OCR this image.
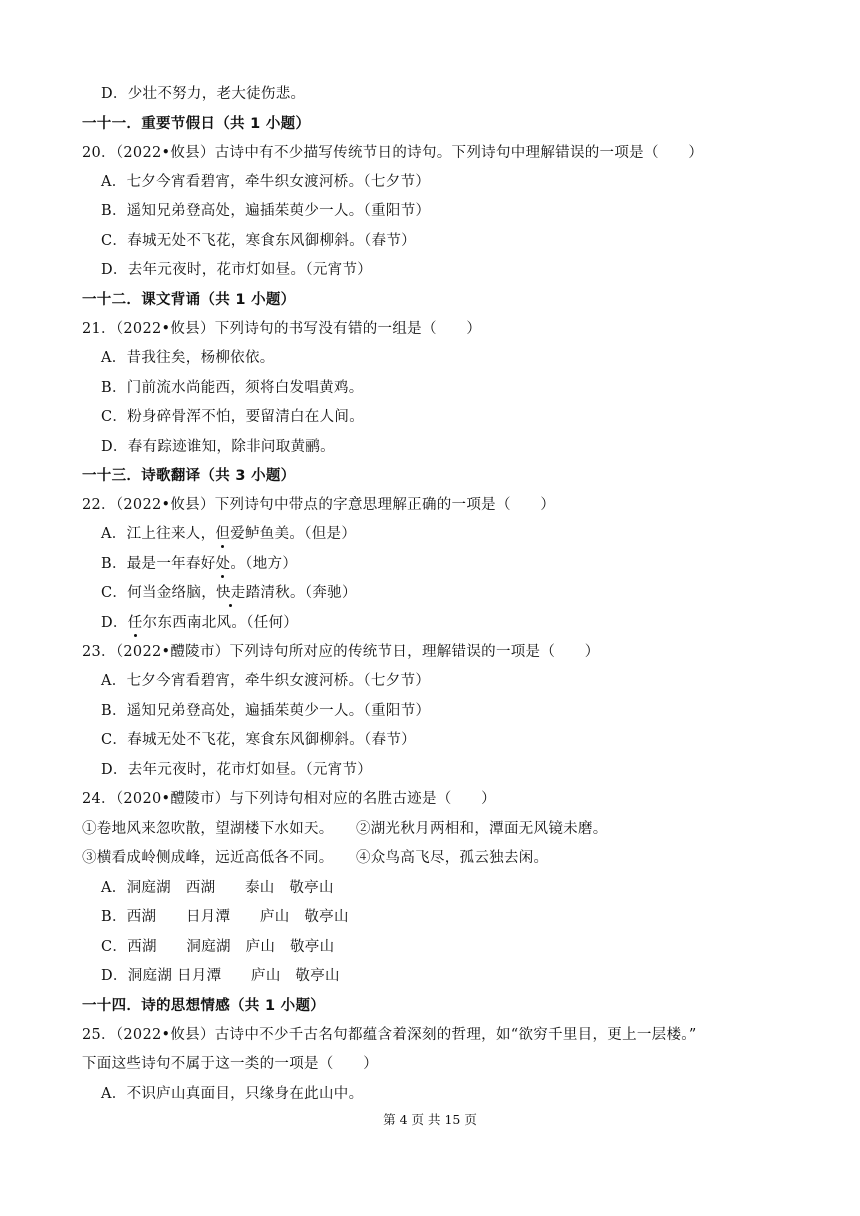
D．少壮不努力，老大徒伤悲。
一十一．重要节假日（共 1 小题）
20．（2022•攸县）古诗中有不少描写传统节日的诗句。下列诗句中理解错误的一项是（　　）
A．七夕今宵看碧宵，牵牛织女渡河桥。（七夕节）
B．遥知兄弟登高处，遍插茱萸少一人。（重阳节）
C．春城无处不飞花，寒食东风御柳斜。（春节）
D．去年元夜时，花市灯如昼。（元宵节）
一十二．课文背诵（共 1 小题）
21．（2022•攸县）下列诗句的书写没有错的一组是（　　）
A．昔我往矣，杨柳依依。
B．门前流水尚能西，须将白发唱黄鸡。
C．粉身碎骨浑不怕，要留清白在人间。
D．春有踪迹谁知，除非问取黄鹂。
一十三．诗歌翻译（共 3 小题）
22．（2022•攸县）下列诗句中带点的字意思理解正确的一项是（　　）
A．江上往来人，但爱鲈鱼美。（但是）
B．最是一年春好处。（地方）
C．何当金络脑，快走踏清秋。（奔驰）
D．任尔东西南北风。（任何）
23．（2022•醴陵市）下列诗句所对应的传统节日，理解错误的一项是（　　）
A．七夕今宵看碧宵，牵牛织女渡河桥。（七夕节）
B．遥知兄弟登高处，遍插茱萸少一人。（重阳节）
C．春城无处不飞花，寒食东风御柳斜。（春节）
D．去年元夜时，花市灯如昼。（元宵节）
24．（2020•醴陵市）与下列诗句相对应的名胜古迹是（　　）
①卷地风来忽吹散，望湖楼下水如天。　　②湖光秋月两相和，潭面无风镜未磨。
③横看成岭侧成峰，远近高低各不同。　　④众鸟高飞尽，孤云独去闲。
A．洞庭湖　西湖　　泰山　敬亭山
B．西湖　　日月潭　　庐山　敬亭山
C．西湖　　洞庭湖　庐山　敬亭山
D．洞庭湖 日月潭　　庐山　敬亭山
一十四．诗的思想情感（共 1 小题）
25．（2022•攸县）古诗中不少千古名句都蕴含着深刻的哲理，如“欲穷千里目，更上一层楼。”
下面这些诗句不属于这一类的一项是（　　）
A．不识庐山真面目，只缘身在此山中。
第 4 页 共 15 页
